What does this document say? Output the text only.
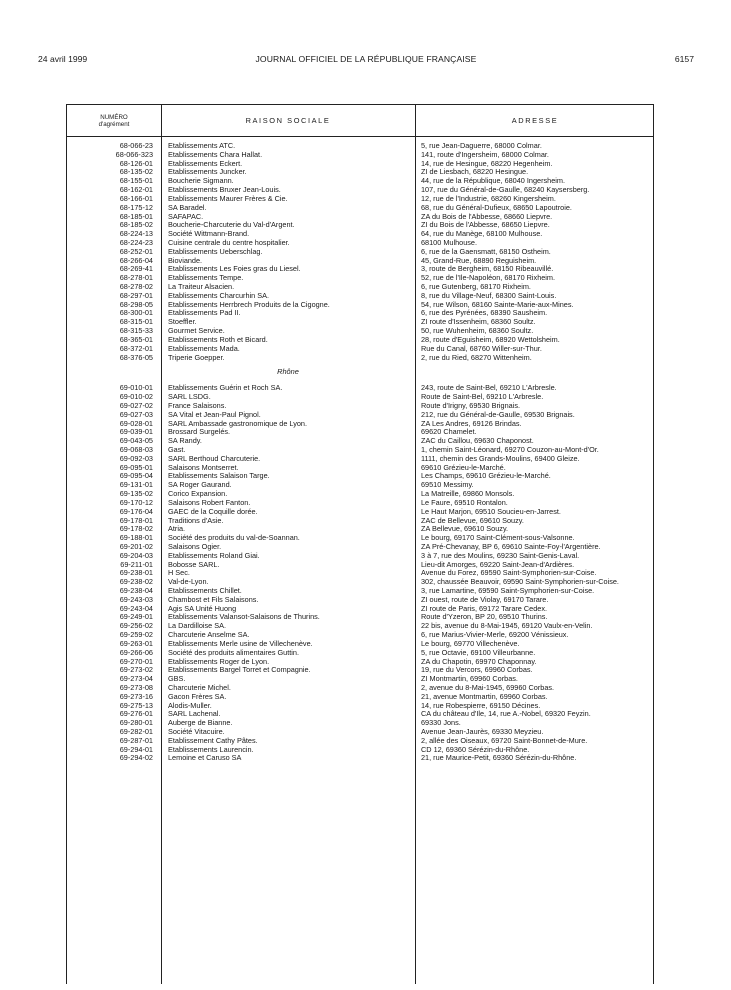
24 avril 1999	JOURNAL OFFICIEL DE LA RÉPUBLIQUE FRANÇAISE	6157
NUMÉRO
d'agrément	RAISON SOCIALE	ADRESSE
68-066-23 Etablissements ATC.	5, rue Jean-Daguerre, 68000 Colmar.
68-066-323 Etablissements Chara Hallat.	141, route d'Ingersheim, 68000 Colmar.
68-126-01 Etablissements Eckert.	14, rue de Hesingue, 68220 Hegenheim.
68-135-02 Etablissements Juncker.	ZI de Liesbach, 68220 Hesingue.
68-155-01 Boucherie Sigmann.	44, rue de la République, 68040 Ingersheim.
68-162-01 Etablissements Bruxer Jean-Louis.	107, rue du Général-de-Gaulle, 68240 Kaysersberg.
68-166-01 Etablissements Maurer Frères & Cie.	12, rue de l'Industrie, 68260 Kingersheim.
68-175-12 SA Baradel.	68, rue du Général-Dufieux, 68650 Lapoutroie.
68-185-01 SAFAPAC.	ZA du Bois de l'Abbesse, 68660 Liepvre.
68-185-02 Boucherie-Charcuterie du Val-d'Argent.	ZI du Bois de l'Abbesse, 68650 Liepvre.
68-224-13 Société Wittmann-Brand.	64, rue du Manège, 68100 Mulhouse.
68-224-23 Cuisine centrale du centre hospitalier.	68100 Mulhouse.
68-252-01 Etablissements Ueberschlag.	6, rue de la Gaensmatt, 68150 Ostheim.
68-266-04 Bioviande.	45, Grand-Rue, 68890 Reguisheim.
68-269-41 Etablissements Les Foies gras du Liesel.	3, route de Bergheim, 68150 Ribeauvillé.
68-278-01 Etablissements Tempe.	52, rue de l'Ile-Napoléon, 68170 Rixheim.
68-278-02 La Traiteur Alsacien.	6, rue Gutenberg, 68170 Rixheim.
68-297-01 Etablissements Charcurhin SA.	8, rue du Village-Neuf, 68300 Saint-Louis.
68-298-05 Etablissements Herrbrech Produits de la Cigogne.	54, rue Wilson, 68160 Sainte-Marie-aux-Mines.
68-300-01 Etablissements Pad II.	6, rue des Pyrénées, 68390 Sausheim.
68-315-01 Stoeffler.	ZI route d'Issenheim, 68360 Soultz.
68-315-33 Gourmet Service.	50, rue Wuhenheim, 68360 Soultz.
68-365-01 Etablissements Roth et Bicard.	28, route d'Eguisheim, 68920 Wettolsheim.
68-372-01 Etablissements Mada.	Rue du Canal, 68760 Willer-sur-Thur.
68-376-05 Triperie Goepper.	2, rue du Ried, 68270 Wittenheim.
Rhône
69-010-01 Etablissements Guérin et Roch SA.	243, route de Saint-Bel, 69210 L'Arbresle.
69-010-02 SARL LSDG.	Route de Saint-Bel, 69210 L'Arbresle.
69-027-02 France Salaisons.	Route d'Irigny, 69530 Brignais.
69-027-03 SA Vital et Jean-Paul Pignol.	212, rue du Général-de-Gaulle, 69530 Brignais.
69-028-01 SARL Ambassade gastronomique de Lyon.	ZA Les Andres, 69126 Brindas.
69-039-01 Brossard Surgelés.	69620 Chamelet.
69-043-05 SA Randy.	ZAC du Caillou, 69630 Chaponost.
69-068-03 Gast.	1, chemin Saint-Léonard, 69270 Couzon-au-Mont-d'Or.
69-092-03 SARL Berthoud Charcuterie.	1111, chemin des Grands-Moulins, 69400 Gleize.
69-095-01 Salaisons Montserret.	69610 Grézieu-le-Marché.
69-095-04 Etablissements Salaison Targe.	Les Champs, 69610 Grézieu-le-Marché.
69-131-01 SA Roger Gaurand.	69510 Messimy.
69-135-02 Corico Expansion.	La Matreille, 69860 Monsols.
69-170-12 Salaisons Robert Fanton.	Le Faure, 69510 Rontalon.
69-176-04 GAEC de la Coquille dorée.	Le Haut Marjon, 69510 Soucieu-en-Jarrest.
69-178-01 Traditions d'Asie.	ZAC de Bellevue, 69610 Souzy.
69-178-02 Atria.	ZA Bellevue, 69610 Souzy.
69-188-01 Société des produits du val-de-Soannan.	Le bourg, 69170 Saint-Clément-sous-Valsonne.
69-201-02 Salaisons Ogier.	ZA Pré-Chevanay, BP 6, 69610 Sainte-Foy-l'Argentière.
69-204-03 Etablissements Roland Giai.	3 à 7, rue des Moulins, 69230 Saint-Genis-Laval.
69-211-01 Bobosse SARL.	Lieu-dit Amorges, 69220 Saint-Jean-d'Ardières.
69-238-01 H Sec.	Avenue du Forez, 69590 Saint-Symphorien-sur-Coise.
69-238-02 Val-de-Lyon.	302, chaussée Beauvoir, 69590 Saint-Symphorien-sur-Coise.
69-238-04 Etablissements Chillet.	3, rue Lamartine, 69590 Saint-Symphorien-sur-Coise.
69-243-03 Chambost et Fils Salaisons.	ZI ouest, route de Violay, 69170 Tarare.
69-243-04 Agis SA Unité Huong	ZI route de Paris, 69172 Tarare Cedex.
69-249-01 Etablissements Valansot-Salaisons de Thurins.	Route d'Yzeron, BP 20, 69510 Thurins.
69-256-02 La Dardilloise SA.	22 bis, avenue du 8-Mai-1945, 69120 Vaulx-en-Velin.
69-259-02 Charcuterie Anselme SA.	6, rue Marius-Vivier-Merle, 69200 Vénissieux.
69-263-01 Etablissements Merle usine de Villechenève.	Le bourg, 69770 Villechenève.
69-266-06 Société des produits alimentaires Guttin.	5, rue Octavie, 69100 Villeurbanne.
69-270-01 Etablissements Roger de Lyon.	ZA du Chapotin, 69970 Chaponnay.
69-273-02 Etablissements Bargel Torret et Compagnie.	19, rue du Vercors, 69960 Corbas.
69-273-04 GBS.	ZI Montmartin, 69960 Corbas.
69-273-08 Charcuterie Michel.	2, avenue du 8-Mai-1945, 69960 Corbas.
69-273-16 Gacon Frères SA.	21, avenue Montmartin, 69960 Corbas.
69-275-13 Alodis-Muller.	14, rue Robespierre, 69150 Décines.
69-276-01 SARL Lachenal.	CA du château d'Ile, 14, rue A.-Nobel, 69320 Feyzin.
69-280-01 Auberge de Bianne.	69330 Jons.
69-282-01 Société Vitacuire.	Avenue Jean-Jaurès, 69330 Meyzieu.
69-287-01 Etablissement Cathy Pâtes.	2, allée des Oiseaux, 69720 Saint-Bonnet-de-Mure.
69-294-01 Etablissements Laurencin.	CD 12, 69360 Sérézin-du-Rhône.
69-294-02 Lemoine et Caruso SA	21, rue Maurice-Petit, 69360 Sérézin-du-Rhône.
